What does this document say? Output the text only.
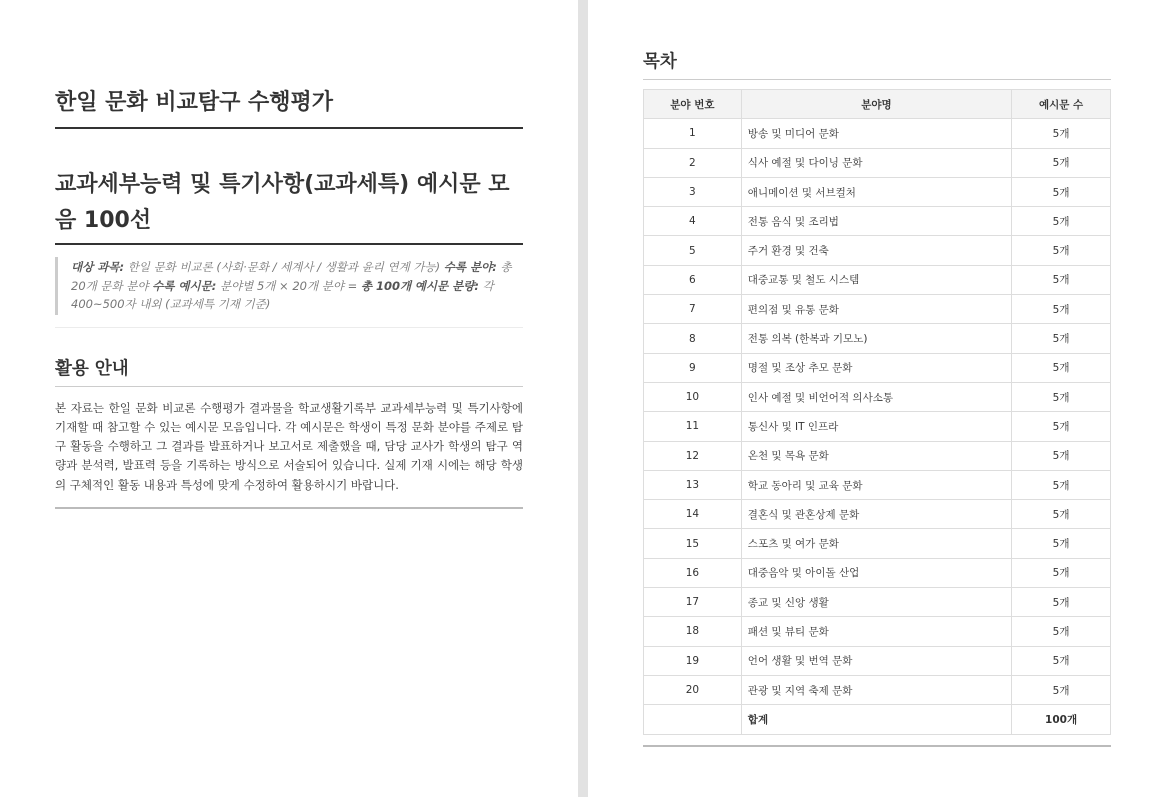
한일 문화 비교탐구 수행평가
교과세부능력 및 특기사항(교과세특) 예시문 모음 100선
대상 과목: 한일 문화 비교론 (사회·문화 / 세계사 / 생활과 윤리 연계 가능) 수록 분야: 총 20개 문화 분야 수록 예시문: 분야별 5개 × 20개 분야 = 총 100개 예시문 분량: 각 400~500자 내외 (교과세특 기재 기준)
활용 안내

본 자료는 한일 문화 비교론 수행평가 결과물을 학교생활기록부 교과세부능력 및 특기사항에 기재할 때 참고할 수 있는 예시문 모음입니다. 각 예시문은 학생이 특정 문화 분야를 주제로 탐구 활동을 수행하고 그 결과를 발표하거나 보고서로 제출했을 때, 담당 교사가 학생의 탐구 역량과 분석력, 발표력 등을 기록하는 방식으로 서술되어 있습니다. 실제 기재 시에는 해당 학생의 구체적인 활동 내용과 특성에 맞게 수정하여 활용하시기 바랍니다.

목차
분야 번호	분야명	예시문 수
1	방송 및 미디어 문화	5개
2	식사 예절 및 다이닝 문화	5개
3	애니메이션 및 서브컬처	5개
4	전통 음식 및 조리법	5개
5	주거 환경 및 건축	5개
6	대중교통 및 철도 시스템	5개
7	편의점 및 유통 문화	5개
8	전통 의복 (한복과 기모노)	5개
9	명절 및 조상 추모 문화	5개
10	인사 예절 및 비언어적 의사소통	5개
11	통신사 및 IT 인프라	5개
12	온천 및 목욕 문화	5개
13	학교 동아리 및 교육 문화	5개
14	결혼식 및 관혼상제 문화	5개
15	스포츠 및 여가 문화	5개
16	대중음악 및 아이돌 산업	5개
17	종교 및 신앙 생활	5개
18	패션 및 뷰티 문화	5개
19	언어 생활 및 번역 문화	5개
20	관광 및 지역 축제 문화	5개
	합계	100개
